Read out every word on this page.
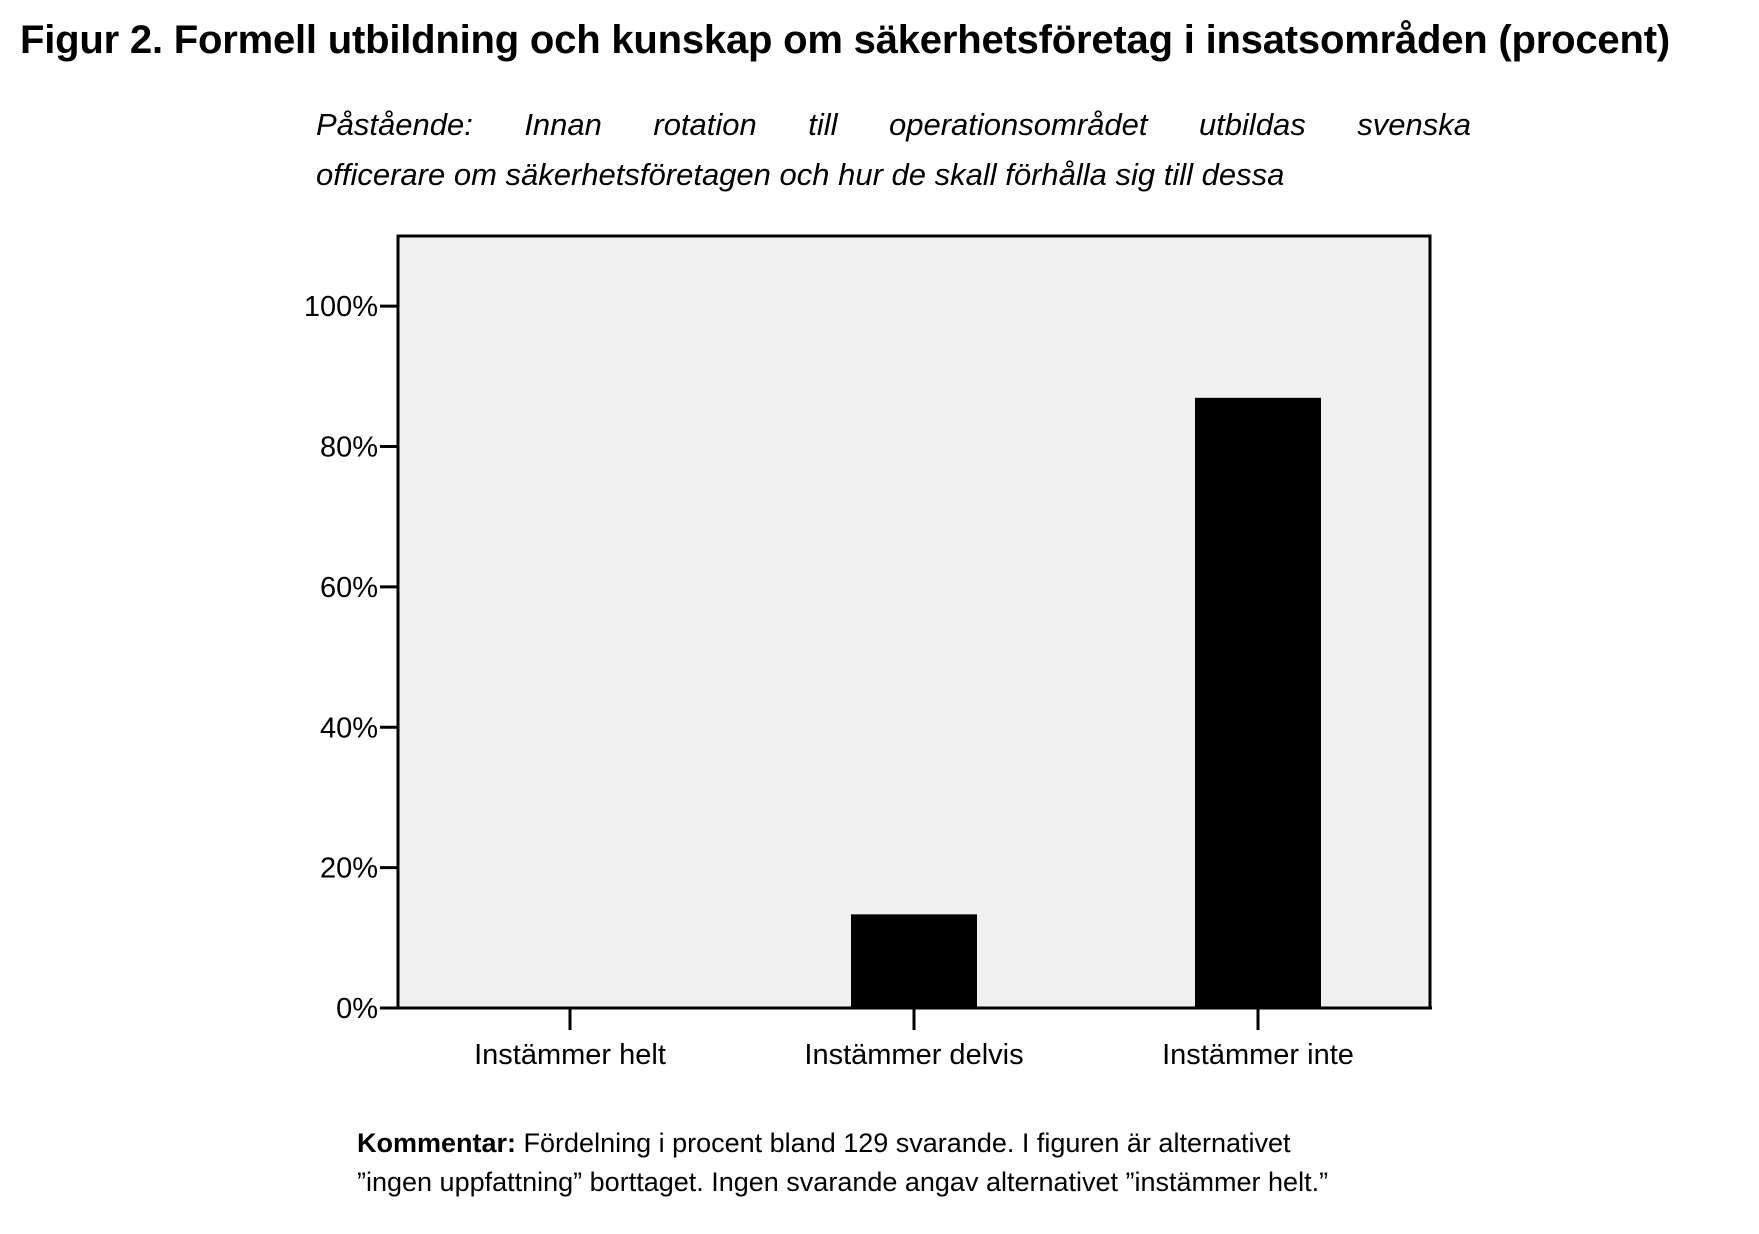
Figur 2. Formell utbildning och kunskap om säkerhetsföretag i insatsområden (procent)
Påstående: Innan rotation till operationsområdet utbildas svenska
officerare om säkerhetsföretagen och hur de skall förhålla sig till dessa
0%
20%
40%
60%
80%
100%
Instämmer helt	Instämmer delvis	Instämmer inte
Kommentar: Fördelning i procent bland 129 svarande. I figuren är alternativet
”ingen uppfattning” borttaget. Ingen svarande angav alternativet ”instämmer helt.”
